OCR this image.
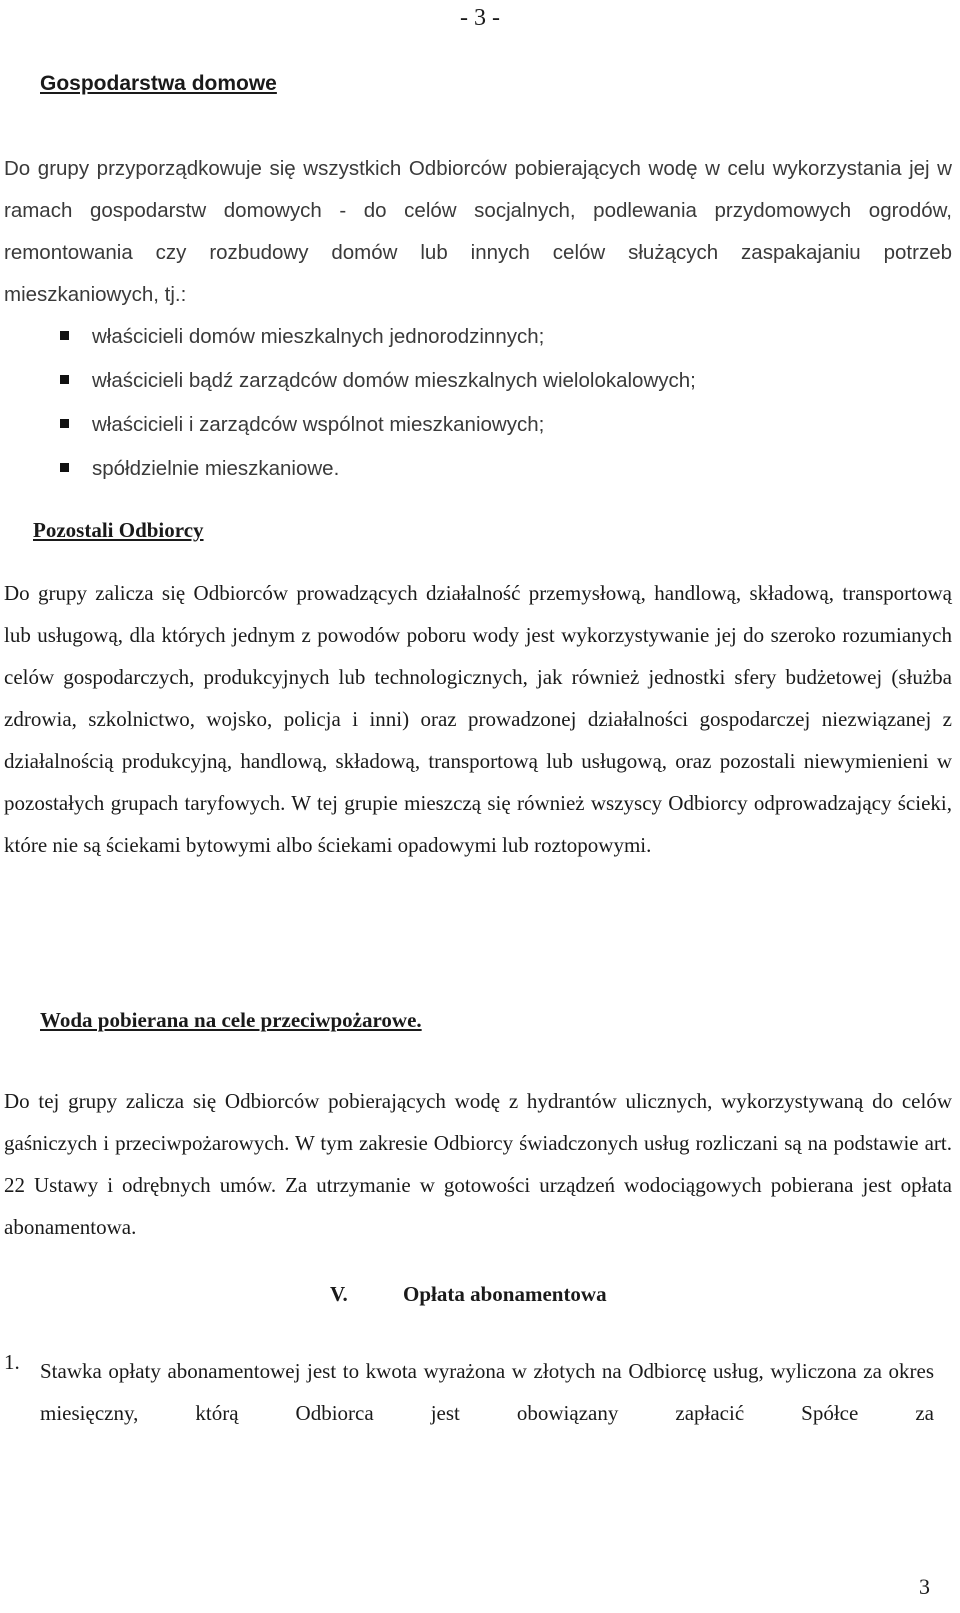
- 3 -
Gospodarstwa domowe

Do grupy przyporządkowuje się wszystkich Odbiorców pobierających wodę w celu wykorzystania jej w ramach gospodarstw domowych - do celów socjalnych, podlewania przydomowych ogrodów, remontowania czy rozbudowy domów lub innych celów służących zaspakajaniu potrzeb mieszkaniowych, tj.:

właścicieli domów mieszkalnych jednorodzinnych;
właścicieli bądź zarządców domów mieszkalnych wielolokalowych;
właścicieli i zarządców wspólnot mieszkaniowych;
spółdzielnie mieszkaniowe.
Pozostali Odbiorcy

Do grupy zalicza się Odbiorców prowadzących działalność przemysłową, handlową, składową, transportową lub usługową, dla których jednym z powodów poboru wody jest wykorzystywanie jej do szeroko rozumianych celów gospodarczych, produkcyjnych lub technologicznych, jak również jednostki sfery budżetowej (służba zdrowia, szkolnictwo, wojsko, policja i inni) oraz prowadzonej działalności gospodarczej niezwiązanej z działalnością produkcyjną, handlową, składową, transportową lub usługową, oraz pozostali niewymienieni w pozostałych grupach taryfowych. W tej grupie mieszczą się również wszyscy Odbiorcy odprowadzający ścieki, które nie są ściekami bytowymi albo ściekami opadowymi lub roztopowymi.

Woda pobierana na cele przeciwpożarowe.

Do tej grupy zalicza się Odbiorców pobierających wodę z hydrantów ulicznych, wykorzystywaną do celów gaśniczych i przeciwpożarowych. W tym zakresie Odbiorcy świadczonych usług rozliczani są na podstawie art. 22 Ustawy i odrębnych umów. Za utrzymanie w gotowości urządzeń wodociągowych pobierana jest opłata abonamentowa.

V.	Opłata abonamentowa
1. Stawka opłaty abonamentowej jest to kwota wyrażona w złotych na Odbiorcę usług, wyliczona za okres miesięczny, którą Odbiorca jest obowiązany zapłacić Spółce za
3
